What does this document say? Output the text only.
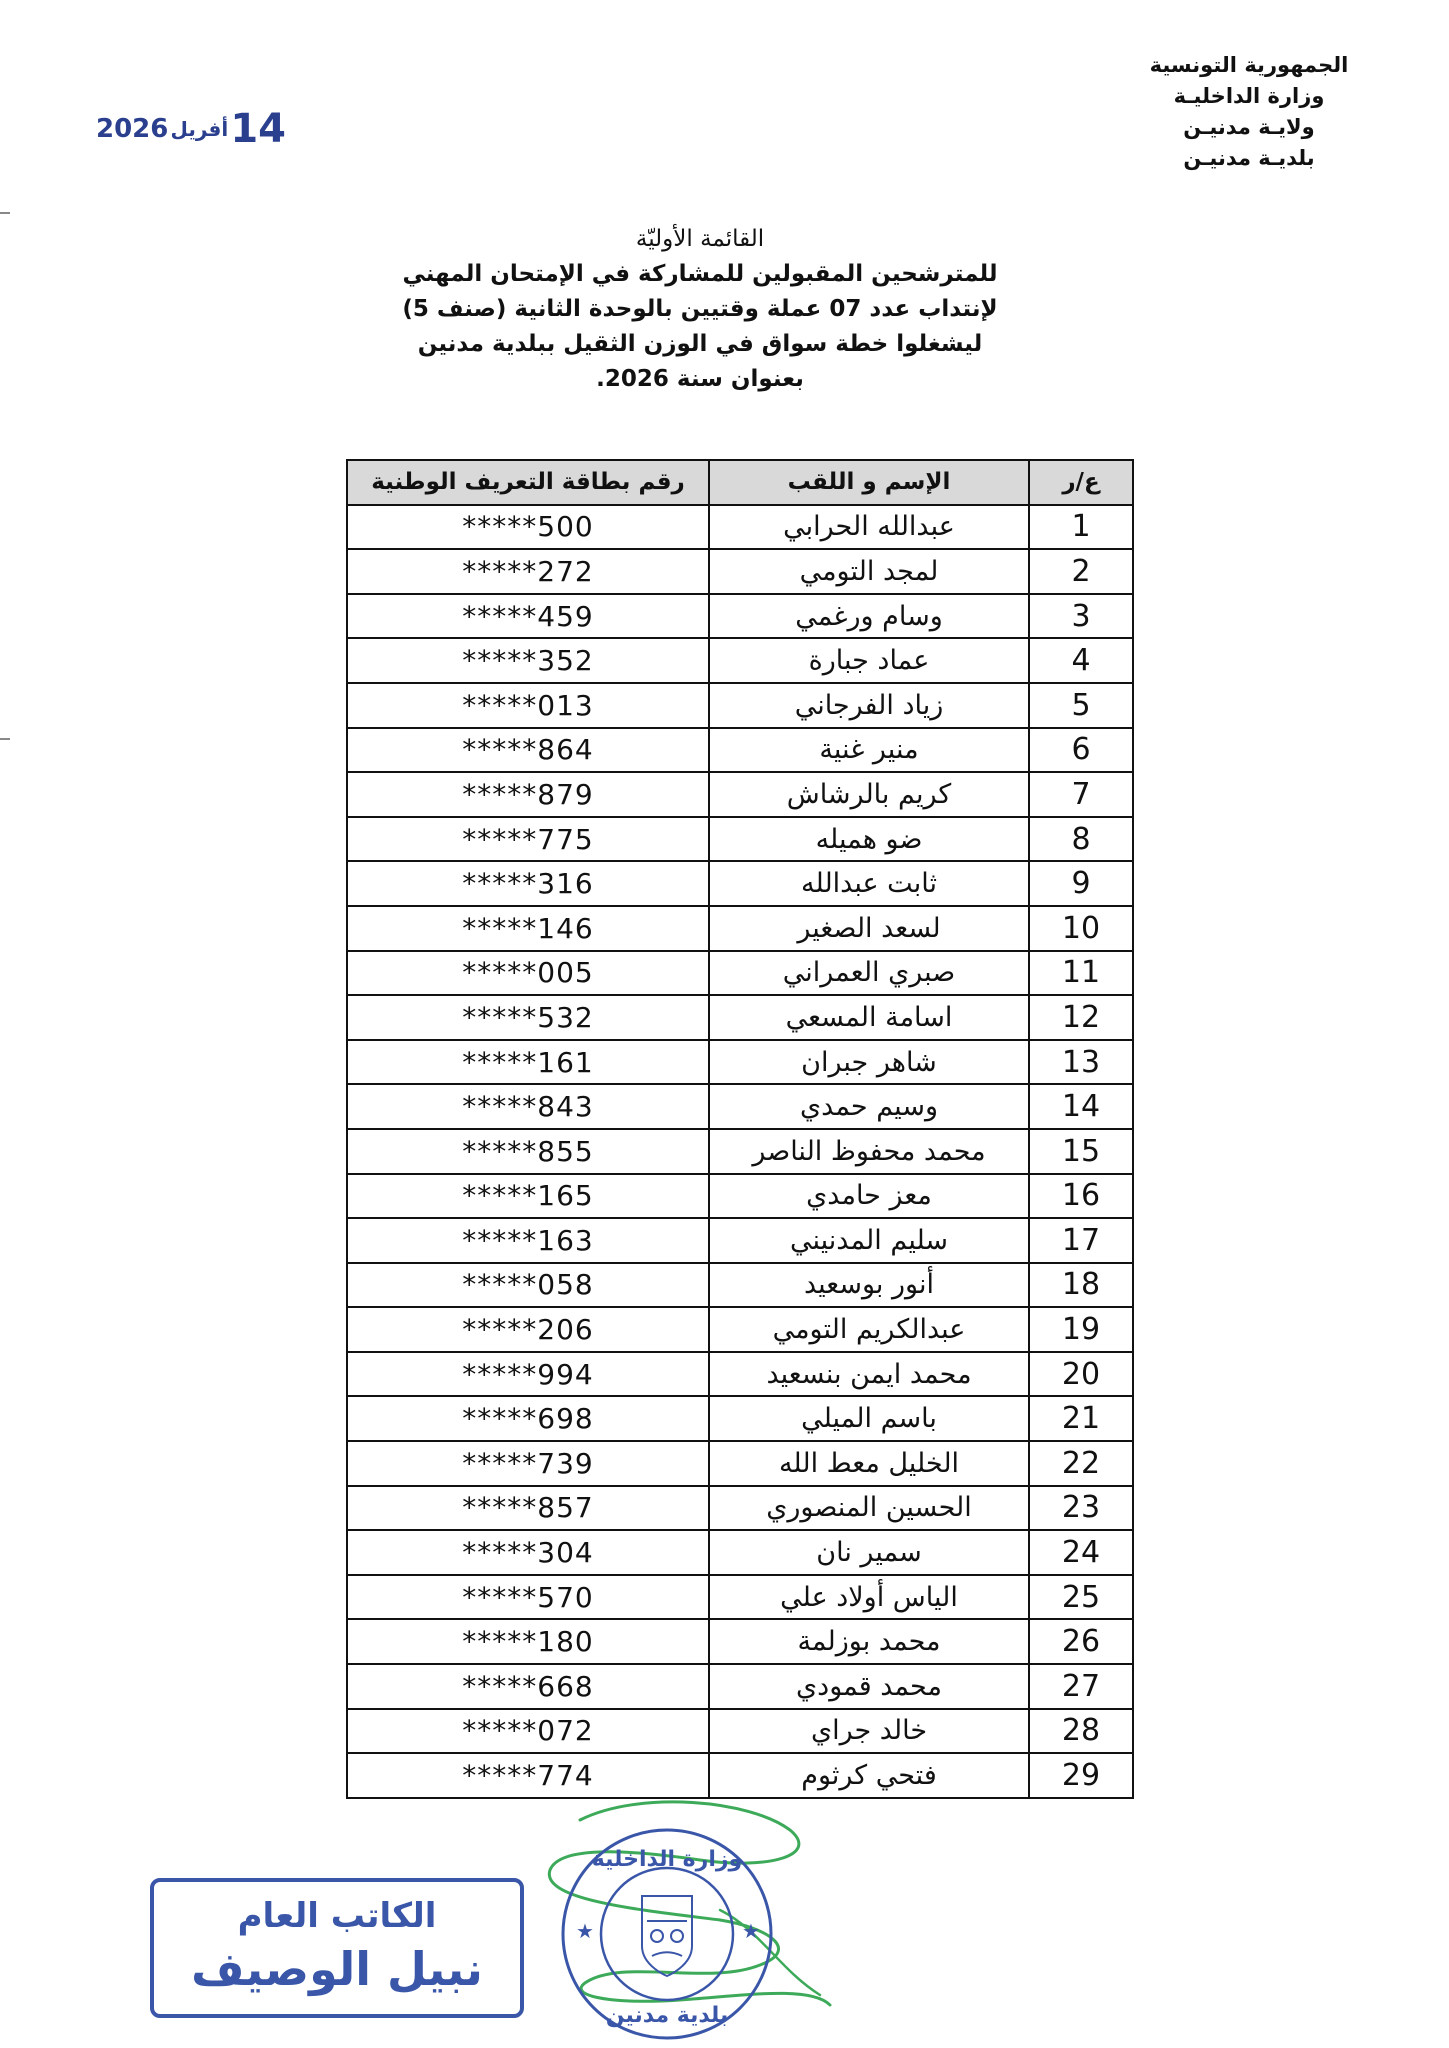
الجمهورية التونسية
وزارة الداخليـة
ولايـة مدنيـن
بلديـة مدنيـن
14
أفريل
2026
القائمة الأوليّة
للمترشحين المقبولين للمشاركة في الإمتحان المهني
لإنتداب عدد 07 عملة وقتيين بالوحدة الثانية (صنف 5)
ليشغلوا خطة سواق في الوزن الثقيل ببلدية مدنين
بعنوان سنة 2026.
ع/ر	الإسم و اللقب	رقم بطاقة التعريف الوطنية
1	عبدالله الحرابي	*****500
2	لمجد التومي	*****272
3	وسام ورغمي	*****459
4	عماد جبارة	*****352
5	زياد الفرجاني	*****013
6	منير غنية	*****864
7	كريم بالرشاش	*****879
8	ضو هميله	*****775
9	ثابت عبدالله	*****316
10	لسعد الصغير	*****146
11	صبري العمراني	*****005
12	اسامة المسعي	*****532
13	شاهر جبران	*****161
14	وسيم حمدي	*****843
15	محمد محفوظ الناصر	*****855
16	معز حامدي	*****165
17	سليم المدنيني	*****163
18	أنور بوسعيد	*****058
19	عبدالكريم التومي	*****206
20	محمد ايمن بنسعيد	*****994
21	باسم الميلي	*****698
22	الخليل معط الله	*****739
23	الحسين المنصوري	*****857
24	سمير نان	*****304
25	الياس أولاد علي	*****570
26	محمد بوزلمة	*****180
27	محمد قمودي	*****668
28	خالد جراي	*****072
29	فتحي كرثوم	*****774
★	★
وزارة الداخلية
بلدية مدنين
الكاتب العام
نبيل الوصيف
